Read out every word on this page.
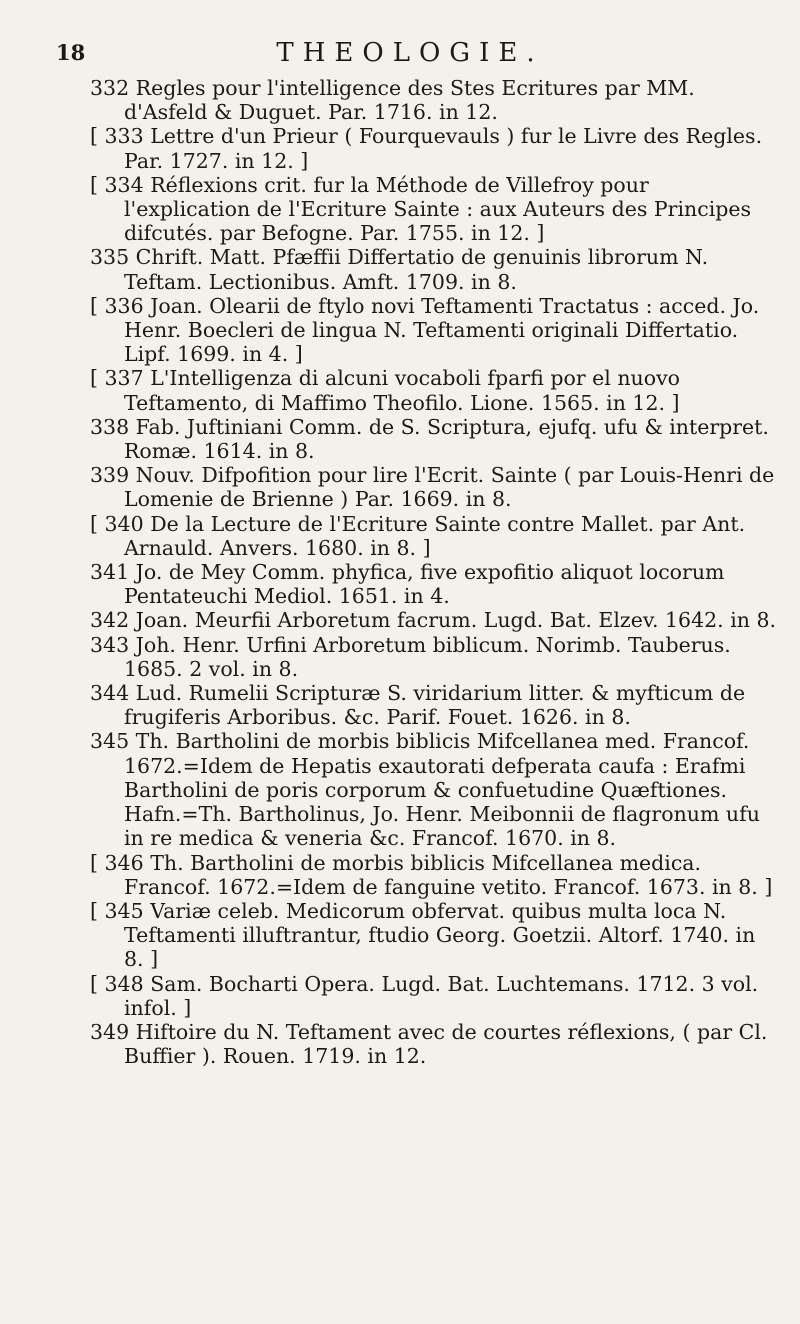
18	THEOLOGIE.

332 Regles pour l'intelligence des Stes Ecritures par MM. d'Asfeld & Duguet. Par. 1716. in 12.

[ 333 Lettre d'un Prieur ( Fourquevauls ) fur le Livre des Regles. Par. 1727. in 12. ]

[ 334 Réflexions crit. fur la Méthode de Villefroy pour l'explication de l'Ecriture Sainte : aux Auteurs des Principes difcutés. par Befogne. Par. 1755. in 12. ]

335 Chrift. Matt. Pfæffii Differtatio de genuinis librorum N. Teftam. Lectionibus. Amft. 1709. in 8.

[ 336 Joan. Olearii de ftylo novi Teftamenti Tractatus : acced. Jo. Henr. Boecleri de lingua N. Teftamenti originali Differtatio. Lipf. 1699. in 4. ]

[ 337 L'Intelligenza di alcuni vocaboli fparfi por el nuovo Teftamento, di Maffimo Theofilo. Lione. 1565. in 12. ]

338 Fab. Juftiniani Comm. de S. Scriptura, ejufq. ufu & interpret. Romæ. 1614. in 8.

339 Nouv. Difpofition pour lire l'Ecrit. Sainte ( par Louis-Henri de Lomenie de Brienne ) Par. 1669. in 8.

[ 340 De la Lecture de l'Ecriture Sainte contre Mallet. par Ant. Arnauld. Anvers. 1680. in 8. ]

341 Jo. de Mey Comm. phyfica, five expofitio aliquot locorum Pentateuchi Mediol. 1651. in 4.

342 Joan. Meurfii Arboretum facrum. Lugd. Bat. Elzev. 1642. in 8.

343 Joh. Henr. Urfini Arboretum biblicum. Norimb. Tauberus. 1685. 2 vol. in 8.

344 Lud. Rumelii Scripturæ S. viridarium litter. & myfticum de frugiferis Arboribus. &c. Parif. Fouet. 1626. in 8.

345 Th. Bartholini de morbis biblicis Mifcellanea med. Francof. 1672.=Idem de Hepatis exautorati defperata caufa : Erafmi Bartholini de poris corporum & confuetudine Quæftiones. Hafn.=Th. Bartholinus, Jo. Henr. Meibonnii de flagronum ufu in re medica & veneria &c. Francof. 1670. in 8.

[ 346 Th. Bartholini de morbis biblicis Mifcellanea medica. Francof. 1672.=Idem de fanguine vetito. Francof. 1673. in 8. ]

[ 345 Variæ celeb. Medicorum obfervat. quibus multa loca N. Teftamenti illuftrantur, ftudio Georg. Goetzii. Altorf. 1740. in 8. ]

[ 348 Sam. Bocharti Opera. Lugd. Bat. Luchtemans. 1712. 3 vol. infol. ]

349 Hiftoire du N. Teftament avec de courtes réflexions, ( par Cl. Buffier ). Rouen. 1719. in 12.
